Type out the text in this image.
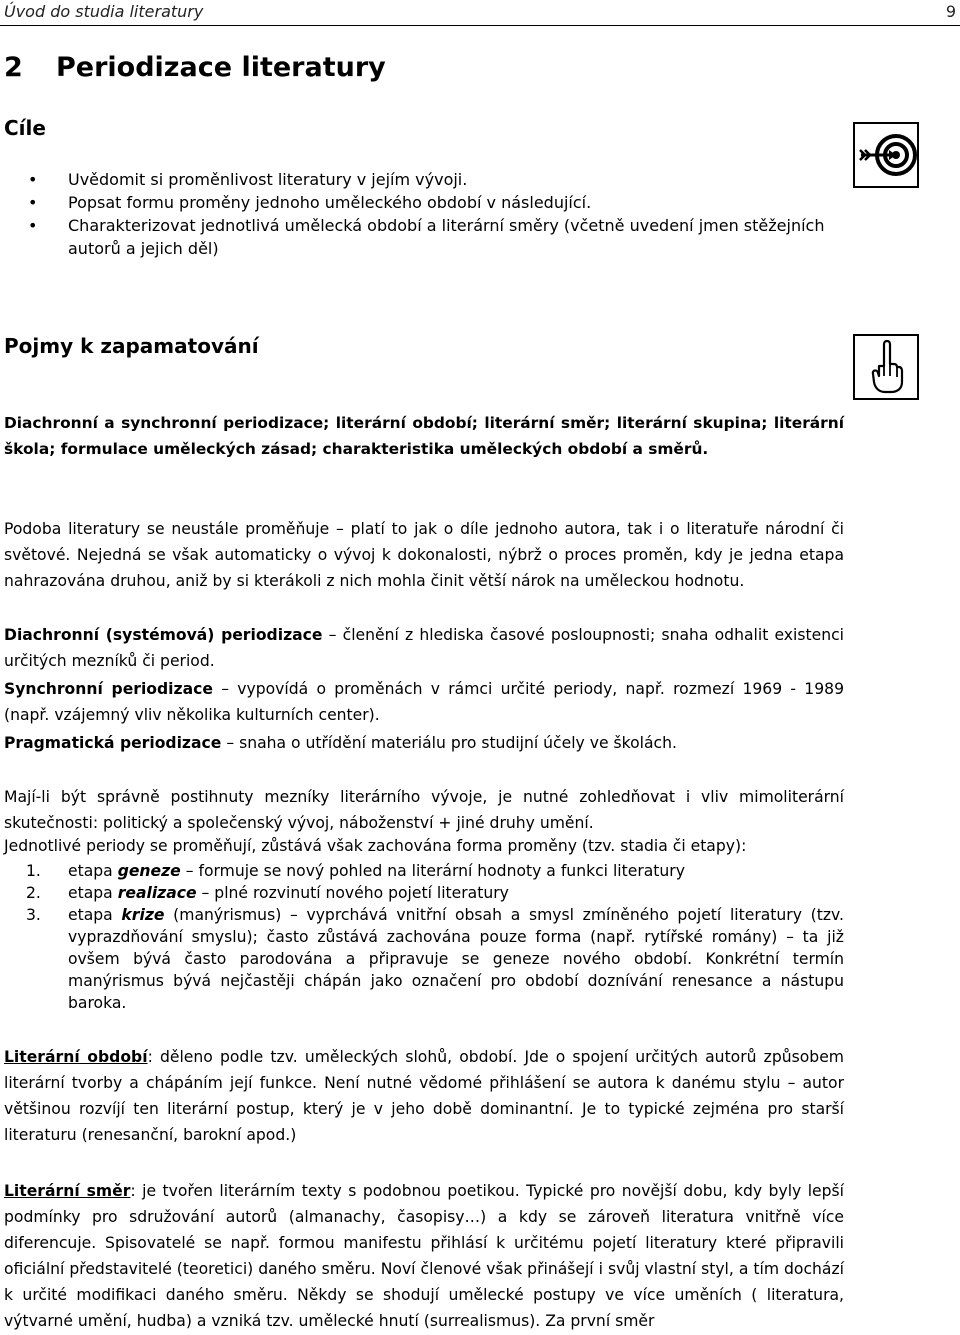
Úvod do studia literatury	9
2 Periodizace literatury
Cíle
• Uvědomit si proměnlivost literatury v jejím vývoji.
• Popsat formu proměny jednoho uměleckého období v následující.
• Charakterizovat jednotlivá umělecká období a literární směry (včetně uvedení jmen stěžejních autorů a jejich děl)
Pojmy k zapamatování
Diachronní a synchronní periodizace; literární období; literární směr; literární skupina; literární škola; formulace uměleckých zásad; charakteristika uměleckých období a směrů.
Podoba literatury se neustále proměňuje – platí to jak o díle jednoho autora, tak i o literatuře národní či světové. Nejedná se však automaticky o vývoj k dokonalosti, nýbrž o proces proměn, kdy je jedna etapa nahrazována druhou, aniž by si kterákoli z nich mohla činit větší nárok na uměleckou hodnotu.
Diachronní (systémová) periodizace – členění z hlediska časové posloupnosti; snaha odhalit existenci určitých mezníků či period.
Synchronní periodizace – vypovídá o proměnách v rámci určité periody, např. rozmezí 1969 - 1989 (např. vzájemný vliv několika kulturních center).
Pragmatická periodizace – snaha o utřídění materiálu pro studijní účely ve školách.
Mají-li být správně postihnuty mezníky literárního vývoje, je nutné zohledňovat i vliv mimoliterární skutečnosti: politický a společenský vývoj, náboženství + jiné druhy umění.
Jednotlivé periody se proměňují, zůstává však zachována forma proměny (tzv. stadia či etapy):
1. etapa geneze – formuje se nový pohled na literární hodnoty a funkci literatury
2. etapa realizace – plné rozvinutí nového pojetí literatury
3. etapa krize (manýrismus) – vyprchává vnitřní obsah a smysl zmíněného pojetí literatury (tzv. vyprazdňování smyslu); často zůstává zachována pouze forma (např. rytířské romány) – ta již ovšem bývá často parodována a připravuje se geneze nového období. Konkrétní termín manýrismus bývá nejčastěji chápán jako označení pro období doznívání renesance a nástupu baroka.
Literární období: děleno podle tzv. uměleckých slohů, období. Jde o spojení určitých autorů způsobem literární tvorby a chápáním její funkce. Není nutné vědomé přihlášení se autora k danému stylu – autor většinou rozvíjí ten literární postup, který je v jeho době dominantní. Je to typické zejména pro starší literaturu (renesanční, barokní apod.)
Literární směr: je tvořen literárním texty s podobnou poetikou. Typické pro novější dobu, kdy byly lepší podmínky pro sdružování autorů (almanachy, časopisy…) a kdy se zároveň literatura vnitřně více diferencuje. Spisovatelé se např. formou manifestu přihlásí k určitému pojetí literatury které připravili oficiální představitelé (teoretici) daného směru. Noví členové však přinášejí i svůj vlastní styl, a tím dochází k určité modifikaci daného směru. Někdy se shodují umělecké postupy ve více uměních ( literatura, výtvarné umění, hudba) a vzniká tzv. umělecké hnutí (surrealismus). Za první směr
